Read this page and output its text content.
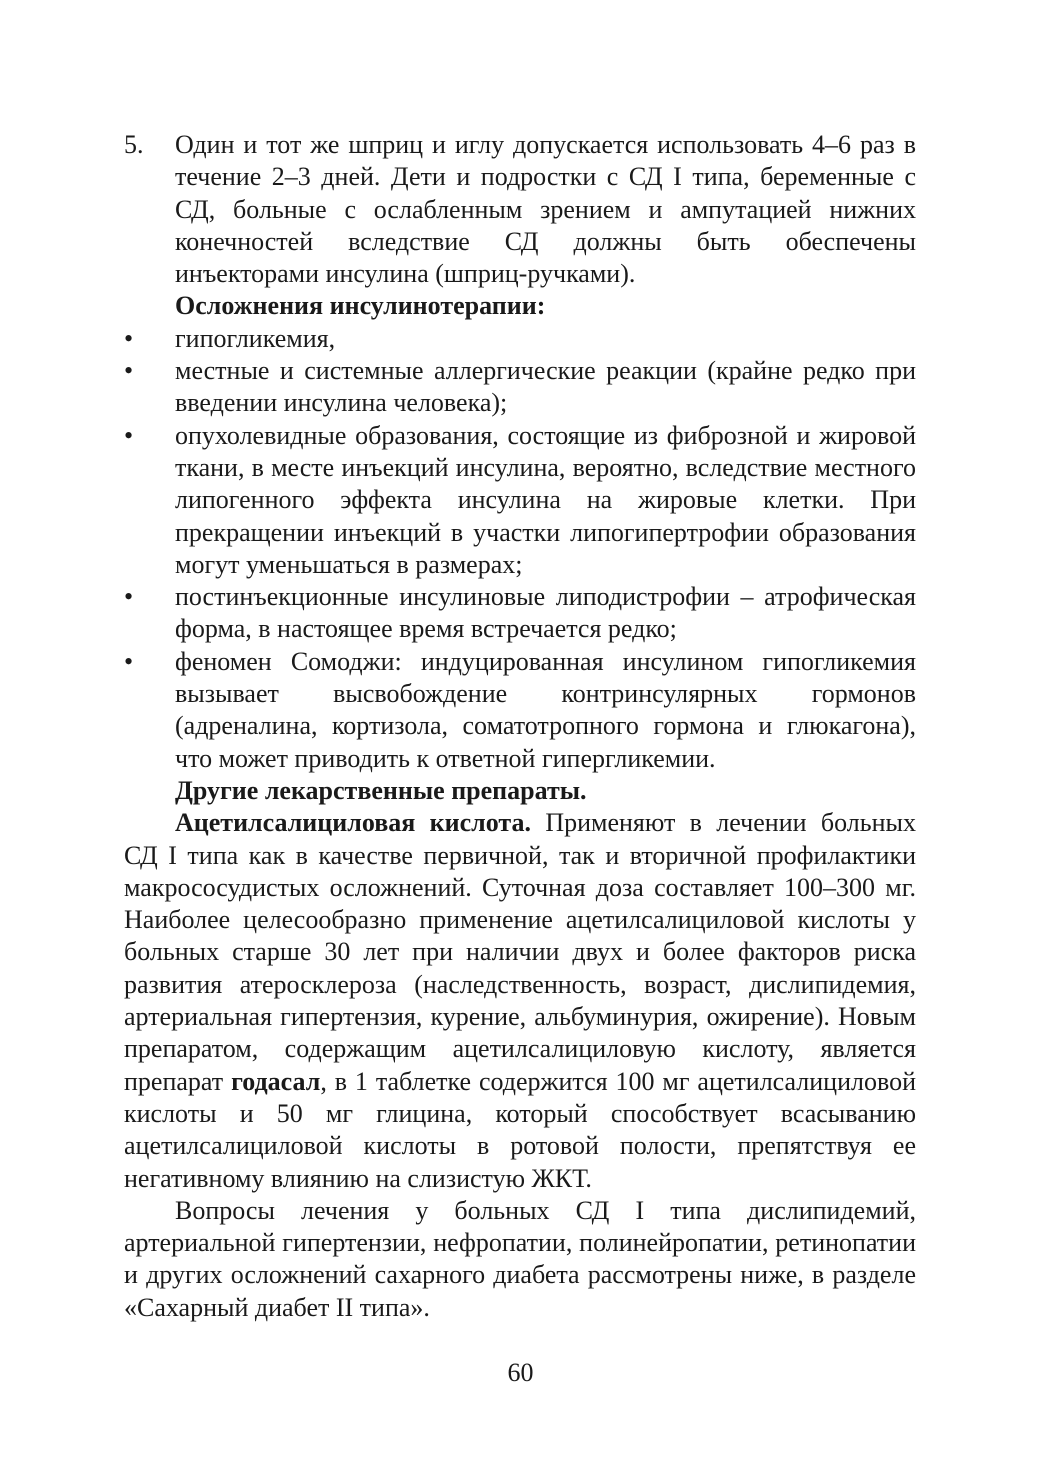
5.	Один и тот же шприц и иглу допускается использовать 4–6 раз в течение 2–3 дней. Дети и подростки с СД I типа, беременные с СД, больные с ослабленным зрением и ампутацией нижних конечностей вследствие СД должны быть обеспечены инъекторами инсулина (шприц-ручками).

Осложнения инсулинотерапии:

•	гипогликемия,
•	местные и системные аллергические реакции (крайне редко при введении инсулина человека);
•	опухолевидные образования, состоящие из фиброзной и жировой ткани, в месте инъекций инсулина, вероятно, вследствие местного липогенного эффекта инсулина на жировые клетки. При прекращении инъекций в участки липогипертрофии образования могут уменьшаться в размерах;
•	постинъекционные инсулиновые липодистрофии – атрофическая форма, в настоящее время встречается редко;
•	феномен Сомоджи: индуцированная инсулином гипогликемия вызывает высвобождение контринсулярных гормонов (адреналина, кортизола, соматотропного гормона и глюкагона), что может приводить к ответной гипергликемии.

Другие лекарственные препараты.

Ацетилсалициловая кислота. Применяют в лечении больных СД I типа как в качестве первичной, так и вторичной профилактики макрососудистых осложнений. Суточная доза составляет 100–300 мг. Наиболее целесообразно применение ацетилсалициловой кислоты у больных старше 30 лет при наличии двух и более факторов риска развития атеросклероза (наследственность, возраст, дислипидемия, артериальная гипертензия, курение, альбуминурия, ожирение). Новым препаратом, содержащим ацетилсалициловую кислоту, является препарат годасал, в 1 таблетке содержится 100 мг ацетилсалициловой кислоты и 50 мг глицина, который способствует всасыванию ацетилсалициловой кислоты в ротовой полости, препятствуя ее негативному влиянию на слизистую ЖКТ.

Вопросы лечения у больных СД I типа дислипидемий, артериальной гипертензии, нефропатии, полинейропатии, ретинопатии и других осложнений сахарного диабета рассмотрены ниже, в разделе «Сахарный диабет II типа».

60
